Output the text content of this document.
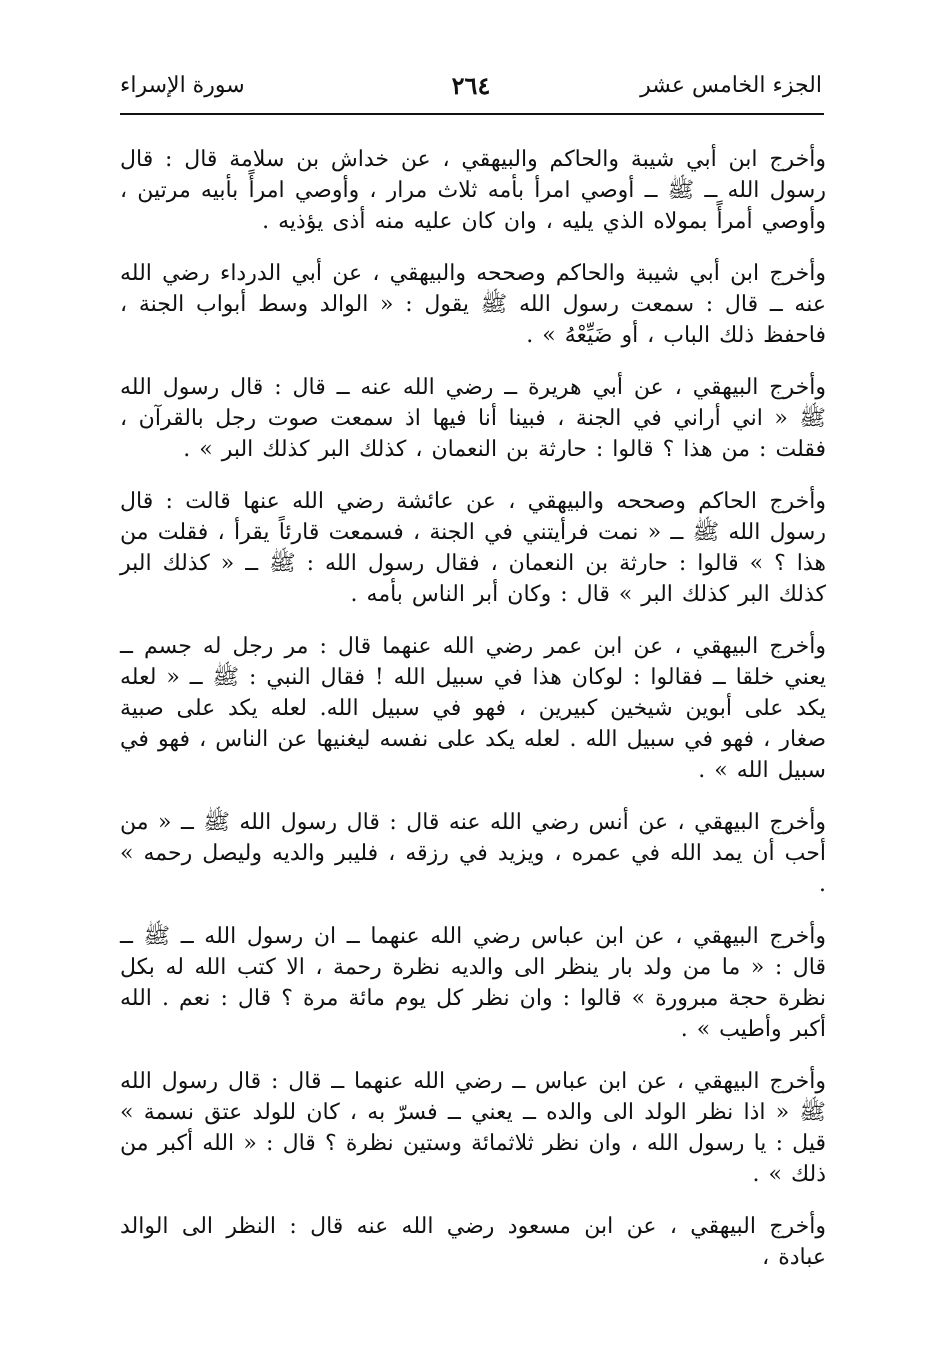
الجزء الخامس عشر
٢٦٤
سورة الإسراء

وأخرج ابن أبي شيبة والحاكم والبيهقي ، عن خداش بن سلامة قال : قال رسول الله ــ ﷺ ــ أوصي امرأ بأمه ثلاث مرار ، وأوصي امرأً بأبيه مرتين ، وأوصي أمرأً بمولاه الذي يليه ، وان كان عليه منه أذى يؤذيه .

وأخرج ابن أبي شيبة والحاكم وصححه والبيهقي ، عن أبي الدرداء رضي الله عنه ــ قال : سمعت رسول الله ﷺ يقول : « الوالد وسط أبواب الجنة ، فاحفظ ذلك الباب ، أو ضَيِّعْهُ » .

وأخرج البيهقي ، عن أبي هريرة ــ رضي الله عنه ــ قال : قال رسول الله ﷺ « اني أراني في الجنة ، فبينا أنا فيها اذ سمعت صوت رجل بالقرآن ، فقلت : من هذا ؟ قالوا : حارثة بن النعمان ، كذلك البر كذلك البر » .

وأخرج الحاكم وصححه والبيهقي ، عن عائشة رضي الله عنها قالت : قال رسول الله ﷺ ــ « نمت فرأيتني في الجنة ، فسمعت قارئاً يقرأ ، فقلت من هذا ؟ » قالوا : حارثة بن النعمان ، فقال رسول الله : ﷺ ــ « كذلك البر كذلك البر كذلك البر » قال : وكان أبر الناس بأمه .

وأخرج البيهقي ، عن ابن عمر رضي الله عنهما قال : مر رجل له جسم ــ يعني خلقا ــ فقالوا : لوكان هذا في سبيل الله ! فقال النبي : ﷺ ــ « لعله يكد على أبوين شيخين كبيرين ، فهو في سبيل الله. لعله يكد على صبية صغار ، فهو في سبيل الله . لعله يكد على نفسه ليغنيها عن الناس ، فهو في سبيل الله » .

وأخرج البيهقي ، عن أنس رضي الله عنه قال : قال رسول الله ﷺ ــ « من أحب أن يمد الله في عمره ، ويزيد في رزقه ، فليبر والديه وليصل رحمه » .

وأخرج البيهقي ، عن ابن عباس رضي الله عنهما ــ ان رسول الله ــ ﷺ ــ قال : « ما من ولد بار ينظر الى والديه نظرة رحمة ، الا كتب الله له بكل نظرة حجة مبرورة » قالوا : وان نظر كل يوم مائة مرة ؟ قال : نعم . الله أكبر وأطيب » .

وأخرج البيهقي ، عن ابن عباس ــ رضي الله عنهما ــ قال : قال رسول الله ﷺ « اذا نظر الولد الى والده ــ يعني ــ فسرّ به ، كان للولد عتق نسمة » قيل : يا رسول الله ، وان نظر ثلاثمائة وستين نظرة ؟ قال : « الله أكبر من ذلك » .

وأخرج البيهقي ، عن ابن مسعود رضي الله عنه قال : النظر الى الوالد عبادة ،
